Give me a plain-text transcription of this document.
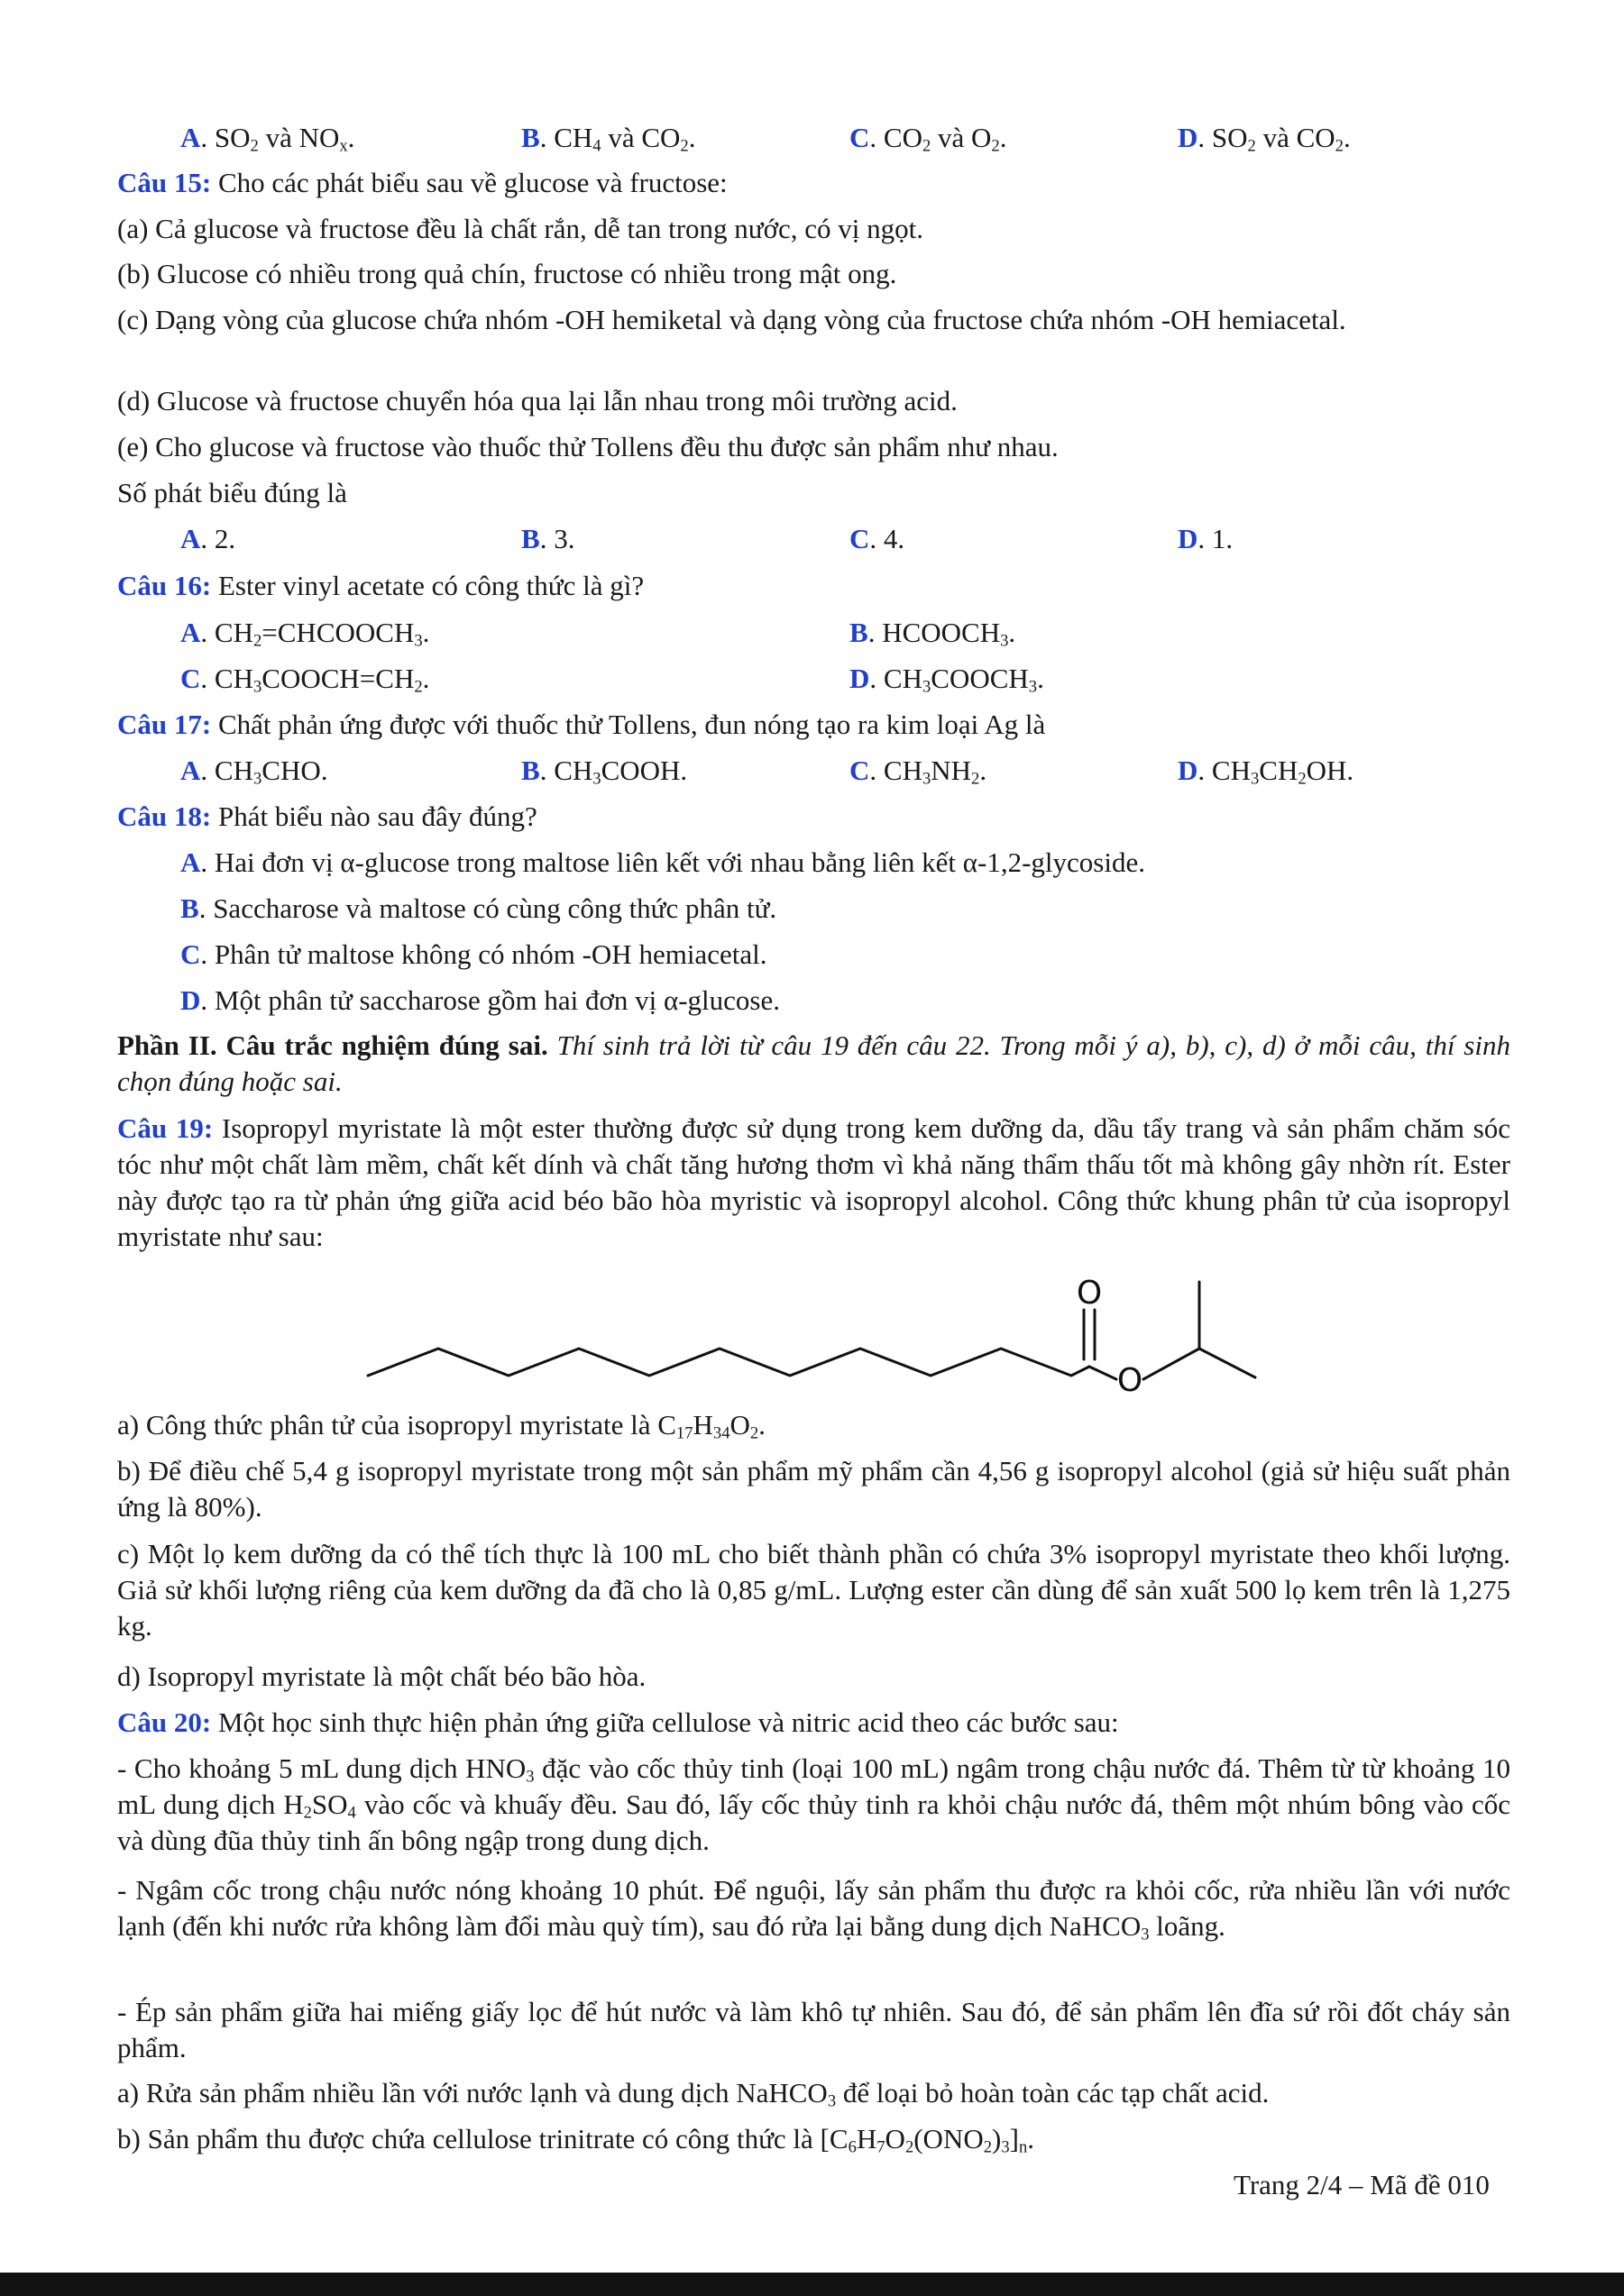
A. $SO_2$ và $NO_x$.	B. $CH_4$ và $CO_2$.	C. $CO_2$ và $O_2$.	D. $SO_2$ và $CO_2$.
Câu 15: Cho các phát biểu sau về glucose và fructose:
(a) Cả glucose và fructose đều là chất rắn, dễ tan trong nước, có vị ngọt.
(b) Glucose có nhiều trong quả chín, fructose có nhiều trong mật ong.
(c) Dạng vòng của glucose chứa nhóm -OH hemiketal và dạng vòng của fructose chứa nhóm -OH hemiacetal.
(d) Glucose và fructose chuyển hóa qua lại lẫn nhau trong môi trường acid.
(e) Cho glucose và fructose vào thuốc thử Tollens đều thu được sản phẩm như nhau.
Số phát biểu đúng là
A. 2.	B. 3.	C. 4.	D. 1.
Câu 16: Ester vinyl acetate có công thức là gì?
A. $CH_2=CHCOOCH_3$.	B. $HCOOCH_3$.
C. $CH_3COOCH=CH_2$.	D. $CH_3COOCH_3$.
Câu 17: Chất phản ứng được với thuốc thử Tollens, đun nóng tạo ra kim loại Ag là
A. $CH_3CHO$.	B. $CH_3COOH$.	C. $CH_3NH_2$.	D. $CH_3CH_2OH$.
Câu 18: Phát biểu nào sau đây đúng?
A. Hai đơn vị α-glucose trong maltose liên kết với nhau bằng liên kết α-1,2-glycoside.
B. Saccharose và maltose có cùng công thức phân tử.
C. Phân tử maltose không có nhóm -OH hemiacetal.
D. Một phân tử saccharose gồm hai đơn vị α-glucose.
Phần II. Câu trắc nghiệm đúng sai. Thí sinh trả lời từ câu 19 đến câu 22. Trong mỗi ý a), b), c), d) ở mỗi câu, thí sinh chọn đúng hoặc sai.
Câu 19: Isopropyl myristate là một ester thường được sử dụng trong kem dưỡng da, dầu tẩy trang và sản phẩm chăm sóc tóc như một chất làm mềm, chất kết dính và chất tăng hương thơm vì khả năng thẩm thấu tốt mà không gây nhờn rít. Ester này được tạo ra từ phản ứng giữa acid béo bão hòa myristic và isopropyl alcohol. Công thức khung phân tử của isopropyl myristate như sau:
O
O
a) Công thức phân tử của isopropyl myristate là $C_{17}H_{34}O_2$.
b) Để điều chế 5,4 g isopropyl myristate trong một sản phẩm mỹ phẩm cần 4,56 g isopropyl alcohol (giả sử hiệu suất phản ứng là 80%).
c) Một lọ kem dưỡng da có thể tích thực là 100 mL cho biết thành phần có chứa 3% isopropyl myristate theo khối lượng. Giả sử khối lượng riêng của kem dưỡng da đã cho là 0,85 g/mL. Lượng ester cần dùng để sản xuất 500 lọ kem trên là 1,275 kg.
d) Isopropyl myristate là một chất béo bão hòa.
Câu 20: Một học sinh thực hiện phản ứng giữa cellulose và nitric acid theo các bước sau:
- Cho khoảng 5 mL dung dịch $HNO_3$ đặc vào cốc thủy tinh (loại 100 mL) ngâm trong chậu nước đá. Thêm từ từ khoảng 10 mL dung dịch $H_2SO_4$ vào cốc và khuấy đều. Sau đó, lấy cốc thủy tinh ra khỏi chậu nước đá, thêm một nhúm bông vào cốc và dùng đũa thủy tinh ấn bông ngập trong dung dịch.
- Ngâm cốc trong chậu nước nóng khoảng 10 phút. Để nguội, lấy sản phẩm thu được ra khỏi cốc, rửa nhiều lần với nước lạnh (đến khi nước rửa không làm đổi màu quỳ tím), sau đó rửa lại bằng dung dịch NaHCO$_3$ loãng.
- Ép sản phẩm giữa hai miếng giấy lọc để hút nước và làm khô tự nhiên. Sau đó, để sản phẩm lên đĩa sứ rồi đốt cháy sản phẩm.
a) Rửa sản phẩm nhiều lần với nước lạnh và dung dịch NaHCO$_3$ để loại bỏ hoàn toàn các tạp chất acid.
b) Sản phẩm thu được chứa cellulose trinitrate có công thức là $[C_6H_7O_2(ONO_2)_3]_n$.
Trang 2/4 – Mã đề 010
